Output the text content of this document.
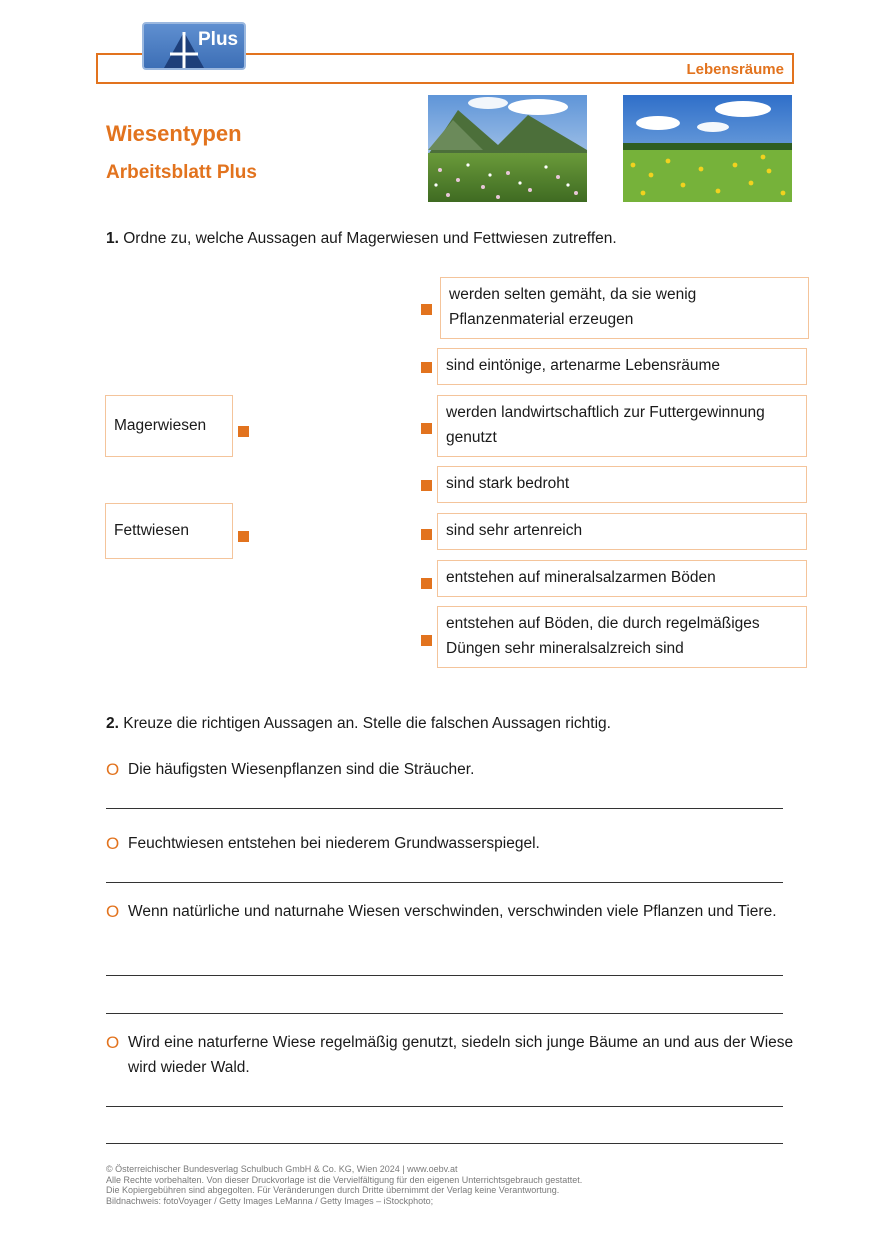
Lebensräume
Plus
Wiesentypen
Arbeitsblatt Plus
1. Ordne zu, welche Aussagen auf Magerwiesen und Fettwiesen zutreffen.
Magerwiesen
Fettwiesen
werden selten gemäht, da sie wenig Pflanzenmaterial erzeugen
sind eintönige, artenarme Lebensräume
werden landwirtschaftlich zur Futtergewinnung genutzt
sind stark bedroht
sind sehr artenreich
entstehen auf mineralsalzarmen Böden
entstehen auf Böden, die durch regelmäßiges Düngen sehr mineralsalzreich sind
2. Kreuze die richtigen Aussagen an. Stelle die falschen Aussagen richtig.
O Die häufigsten Wiesenpflanzen sind die Sträucher.
O Feuchtwiesen entstehen bei niederem Grundwasserspiegel.
O Wenn natürliche und naturnahe Wiesen verschwinden, verschwinden viele Pflanzen und Tiere.
O Wird eine naturferne Wiese regelmäßig genutzt, siedeln sich junge Bäume an und aus der Wiese wird wieder Wald.
© Österreichischer Bundesverlag Schulbuch GmbH & Co. KG, Wien 2024 | www.oebv.at
Alle Rechte vorbehalten. Von dieser Druckvorlage ist die Vervielfältigung für den eigenen Unterrichtsgebrauch gestattet.
Die Kopiergebühren sind abgegolten. Für Veränderungen durch Dritte übernimmt der Verlag keine Verantwortung.
Bildnachweis: fotoVoyager / Getty Images LeManna / Getty Images – iStockphoto;
